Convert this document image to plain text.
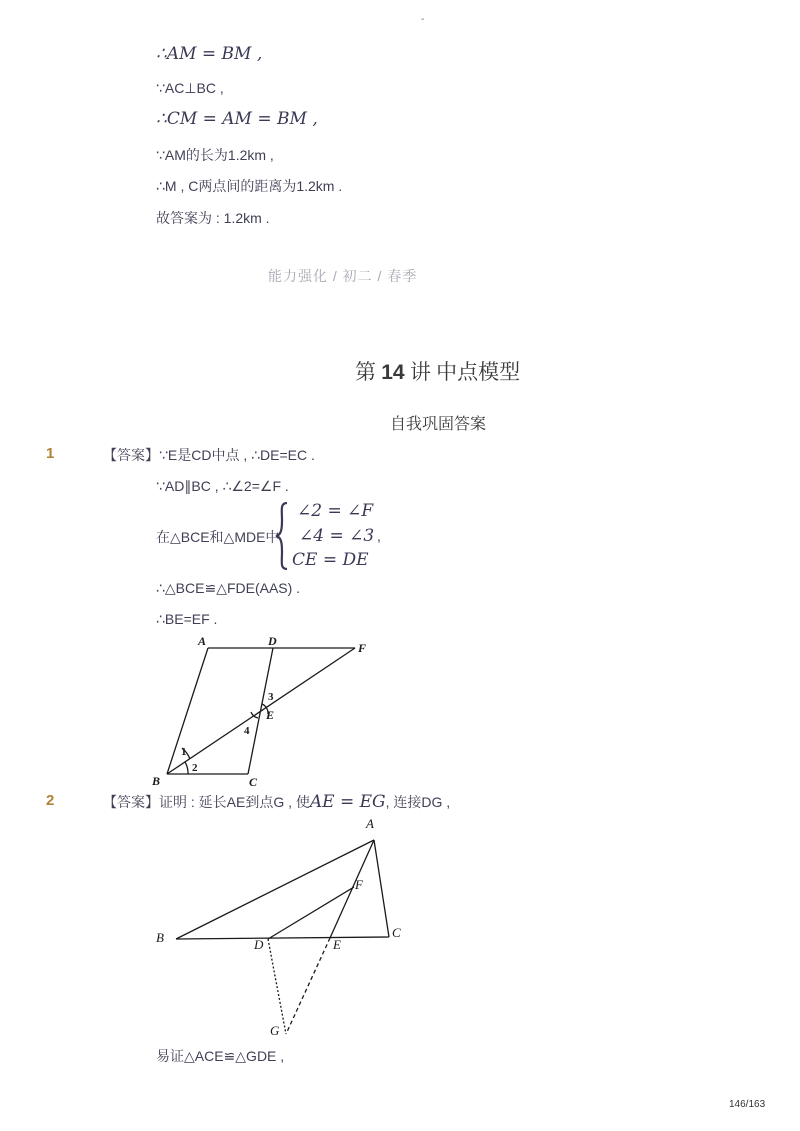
-
∴AM = BM ,
∵AC⊥BC ,
∴CM = AM = BM ,
∵AM的长为1.2km ,
∴M , C两点间的距离为1.2km .
故答案为 : 1.2km .
能力强化 / 初二 / 春季
第 14 讲 中点模型
自我巩固答案
1	【答案】∵E是CD中点 , ∴DE=EC .
∵AD∥BC , ∴∠2=∠F .
在△BCE和△MDE中
∠2 = ∠F
∠4 = ∠3
CE = DE
,
∴△BCE≌△FDE(AAS) .
∴BE=EF .
A	D	F
B	C
E
1
2
3
4
2	【答案】证明 : 延长AE到点G , 使AE = EG, 连接DG ,
A
B	C
D	E
F
G
易证△ACE≌△GDE ,
146/163
